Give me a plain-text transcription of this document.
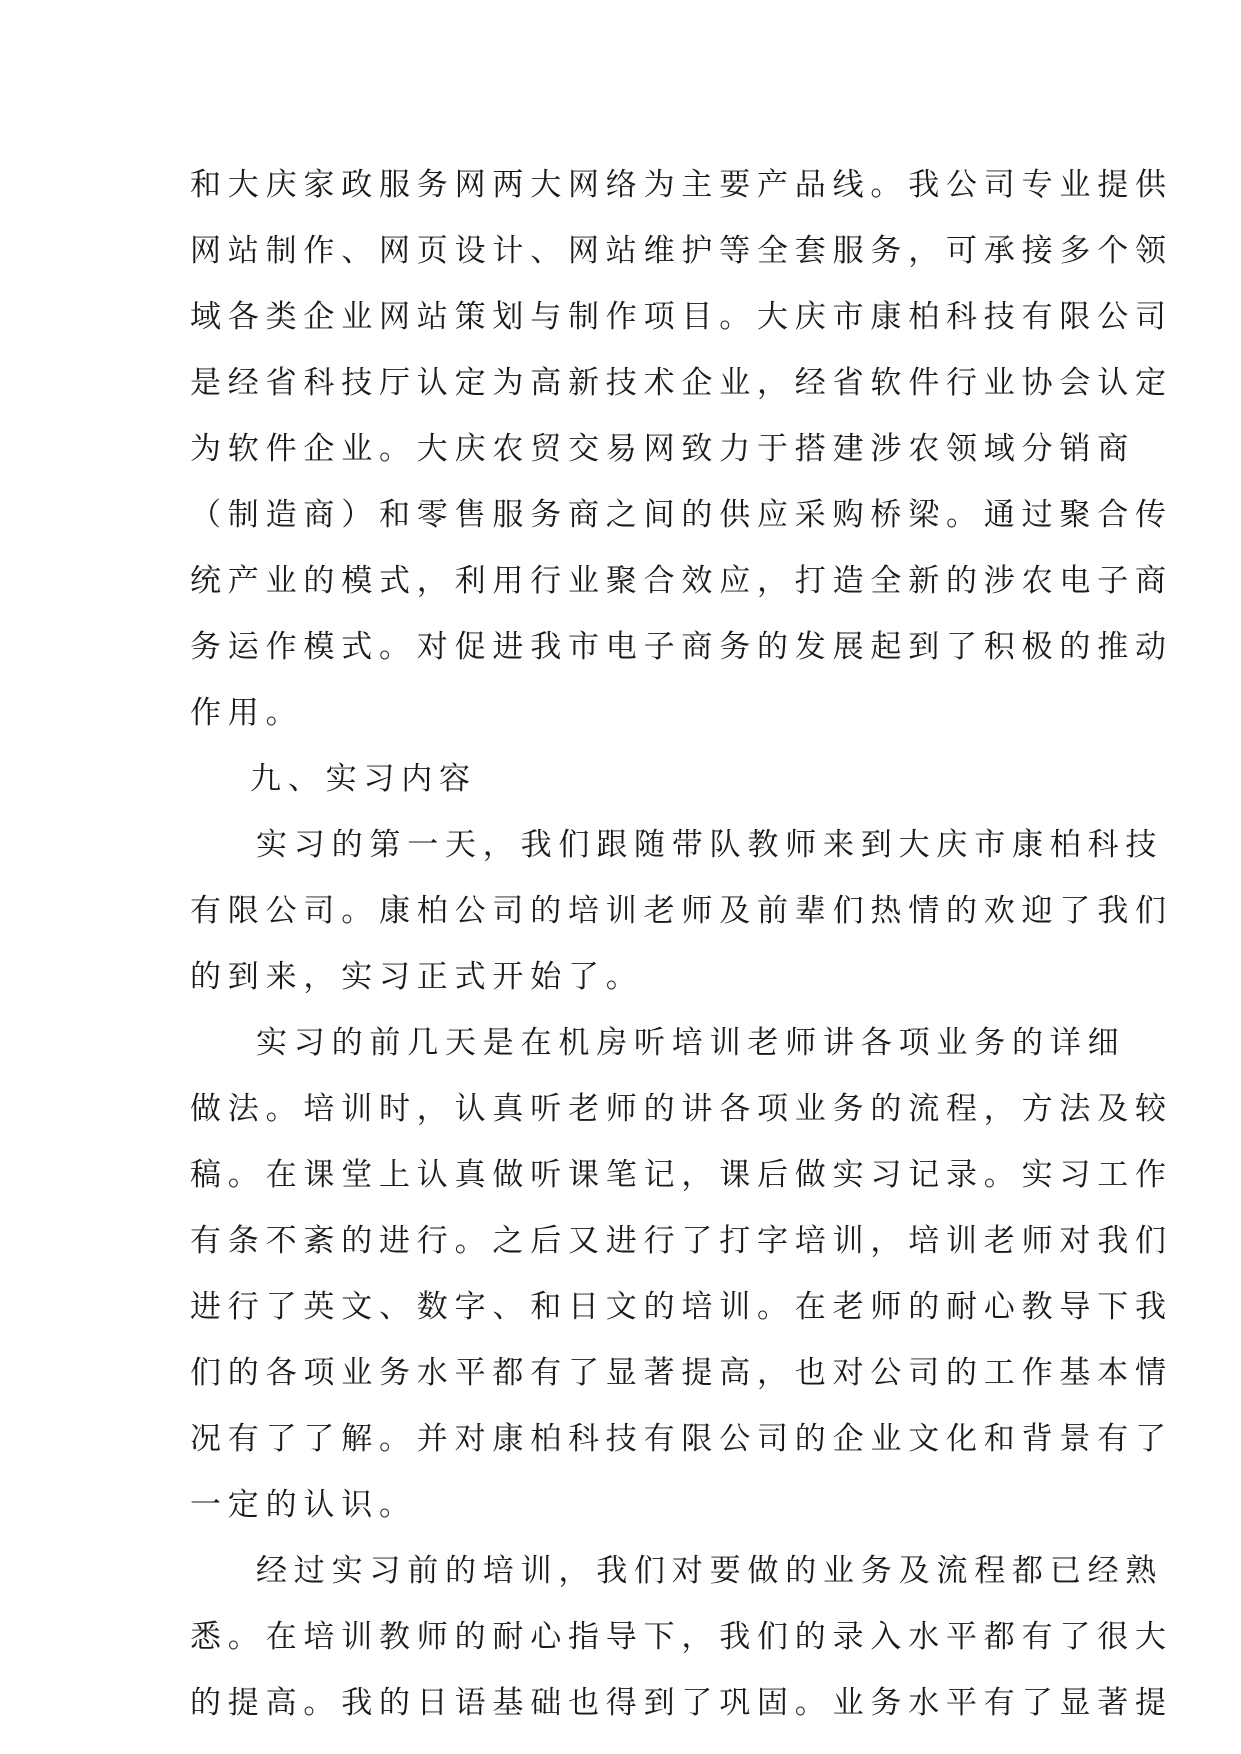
和大庆家政服务网两大网络为主要产品线。我公司专业提供
网站制作、网页设计、网站维护等全套服务，可承接多个领
域各类企业网站策划与制作项目。大庆市康柏科技有限公司
是经省科技厅认定为高新技术企业，经省软件行业协会认定
为软件企业。大庆农贸交易网致力于搭建涉农领域分销商
（制造商）和零售服务商之间的供应采购桥梁。通过聚合传
统产业的模式，利用行业聚合效应，打造全新的涉农电子商
务运作模式。对促进我市电子商务的发展起到了积极的推动
作用。
九、实习内容
实习的第一天，我们跟随带队教师来到大庆市康柏科技
有限公司。康柏公司的培训老师及前辈们热情的欢迎了我们
的到来，实习正式开始了。
实习的前几天是在机房听培训老师讲各项业务的详细
做法。培训时，认真听老师的讲各项业务的流程，方法及较
稿。在课堂上认真做听课笔记，课后做实习记录。实习工作
有条不紊的进行。之后又进行了打字培训，培训老师对我们
进行了英文、数字、和日文的培训。在老师的耐心教导下我
们的各项业务水平都有了显著提高，也对公司的工作基本情
况有了了解。并对康柏科技有限公司的企业文化和背景有了
一定的认识。
经过实习前的培训，我们对要做的业务及流程都已经熟
悉。在培训教师的耐心指导下，我们的录入水平都有了很大
的提高。我的日语基础也得到了巩固。业务水平有了显著提
